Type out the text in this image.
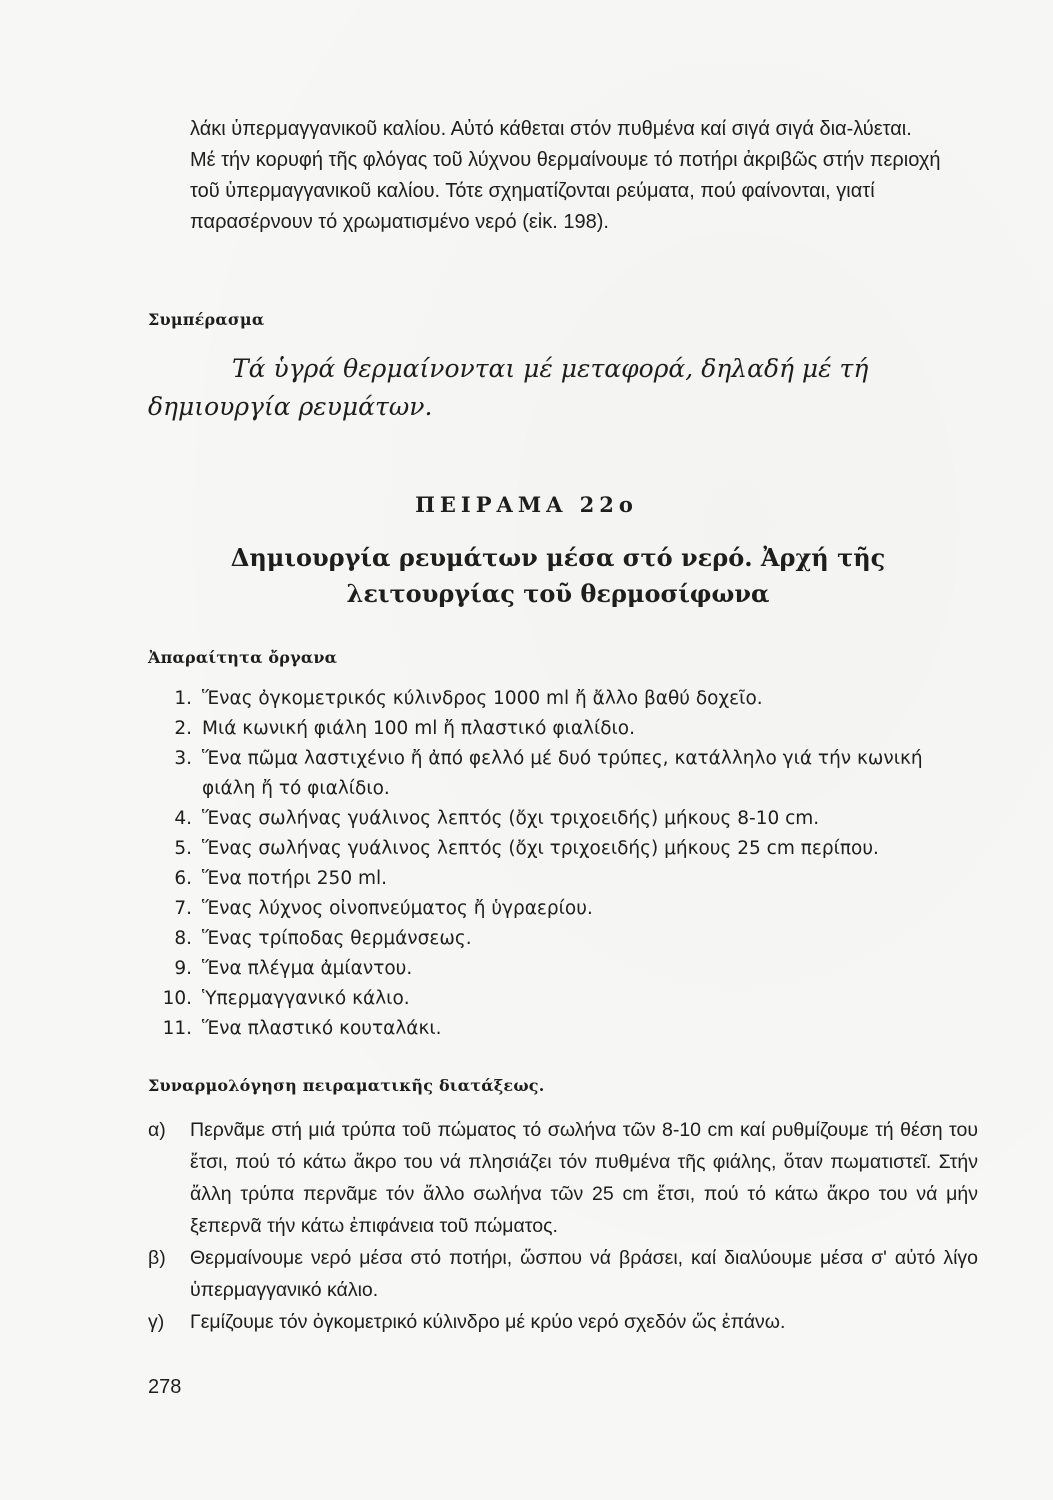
λάκι ὑπερμαγγανικοῦ καλίου. Αὐτό κάθεται στόν πυθμένα καί σιγά σιγά δια-λύεται.

Μέ τήν κορυφή τῆς φλόγας τοῦ λύχνου θερμαίνουμε τό ποτήρι ἀκριβῶς στήν περιοχή τοῦ ὑπερμαγγανικοῦ καλίου. Τότε σχηματίζονται ρεύματα, πού φαίνονται, γιατί παρασέρνουν τό χρωματισμένο νερό (εἰκ. 198).

Συμπέρασμα
Τά ὑγρά θερμαίνονται μέ μεταφορά, δηλαδή μέ τή δημιουργία ρευμάτων.
ΠΕΙΡΑΜΑ 22ο
Δημιουργία ρευμάτων μέσα στό νερό. Ἀρχή τῆς λειτουργίας τοῦ θερμοσίφωνα
Ἀπαραίτητα ὄργανα
1. Ἕνας ὀγκομετρικός κύλινδρος 1000 ml ἤ ἄλλο βαθύ δοχεῖο.
2. Μιά κωνική φιάλη 100 ml ἤ πλαστικό φιαλίδιο.
3. Ἕνα πῶμα λαστιχένιο ἤ ἀπό φελλό μέ δυό τρύπες, κατάλληλο γιά τήν κωνική φιάλη ἤ τό φιαλίδιο.
4. Ἕνας σωλήνας γυάλινος λεπτός (ὄχι τριχοειδής) μήκους 8-10 cm.
5. Ἕνας σωλήνας γυάλινος λεπτός (ὄχι τριχοειδής) μήκους 25 cm περίπου.
6. Ἕνα ποτήρι 250 ml.
7. Ἕνας λύχνος οἰνοπνεύματος ἤ ὑγραερίου.
8. Ἕνας τρίποδας θερμάνσεως.
9. Ἕνα πλέγμα ἀμίαντου.
10. Ὑπερμαγγανικό κάλιο.
11. Ἕνα πλαστικό κουταλάκι.
Συναρμολόγηση πειραματικῆς διατάξεως.
α)	Περνᾶμε στή μιά τρύπα τοῦ πώματος τό σωλήνα τῶν 8-10 cm καί ρυθμίζουμε τή θέση του ἔτσι, πού τό κάτω ἄκρο του νά πλησιάζει τόν πυθμένα τῆς φιάλης, ὅταν πωματιστεῖ. Στήν ἄλλη τρύπα περνᾶμε τόν ἄλλο σωλήνα τῶν 25 cm ἔτσι, πού τό κάτω ἄκρο του νά μήν ξεπερνᾶ τήν κάτω ἐπιφάνεια τοῦ πώματος.
β)	Θερμαίνουμε νερό μέσα στό ποτήρι, ὥσπου νά βράσει, καί διαλύουμε μέσα σ' αὐτό λίγο ὑπερμαγγανικό κάλιο.
γ)	Γεμίζουμε τόν ὀγκομετρικό κύλινδρο μέ κρύο νερό σχεδόν ὥς ἐπάνω.
278
